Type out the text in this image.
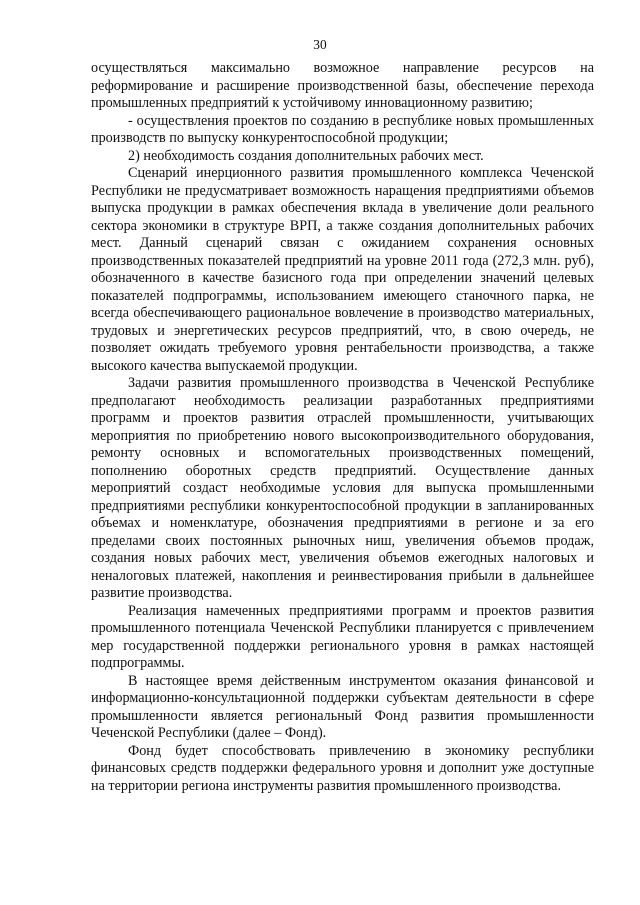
30

осуществляться максимально возможное направление ресурсов на реформирование и расширение производственной базы, обеспечение перехода промышленных предприятий к устойчивому инновационному развитию;

- осуществления проектов по созданию в республике новых промышленных производств по выпуску конкурентоспособной продукции;

2) необходимость создания дополнительных рабочих мест.

Сценарий инерционного развития промышленного комплекса Чеченской Республики не предусматривает возможность наращения предприятиями объемов выпуска продукции в рамках обеспечения вклада в увеличение доли реального сектора экономики в структуре ВРП, а также создания дополнительных рабочих мест. Данный сценарий связан с ожиданием сохранения основных производственных показателей предприятий на уровне 2011 года (272,3 млн. руб), обозначенного в качестве базисного года при определении значений целевых показателей подпрограммы, использованием имеющего станочного парка, не всегда обеспечивающего рациональное вовлечение в производство материальных, трудовых и энергетических ресурсов предприятий, что, в свою очередь, не позволяет ожидать требуемого уровня рентабельности производства, а также высокого качества выпускаемой продукции.

Задачи развития промышленного производства в Чеченской Республике предполагают необходимость реализации разработанных предприятиями программ и проектов развития отраслей промышленности, учитывающих мероприятия по приобретению нового высокопроизводительного оборудования, ремонту основных и вспомогательных производственных помещений, пополнению оборотных средств предприятий. Осуществление данных мероприятий создаст необходимые условия для выпуска промышленными предприятиями республики конкурентоспособной продукции в запланированных объемах и номенклатуре, обозначения предприятиями в регионе и за его пределами своих постоянных рыночных ниш, увеличения объемов продаж, создания новых рабочих мест, увеличения объемов ежегодных налоговых и неналоговых платежей, накопления и реинвестирования прибыли в дальнейшее развитие производства.

Реализация намеченных предприятиями программ и проектов развития промышленного потенциала Чеченской Республики планируется с привлечением мер государственной поддержки регионального уровня в рамках настоящей подпрограммы.

В настоящее время действенным инструментом оказания финансовой и информационно-консультационной поддержки субъектам деятельности в сфере промышленности является региональный Фонд развития промышленности Чеченской Республики (далее – Фонд).

Фонд будет способствовать привлечению в экономику республики финансовых средств поддержки федерального уровня и дополнит уже доступные на территории региона инструменты развития промышленного производства.
